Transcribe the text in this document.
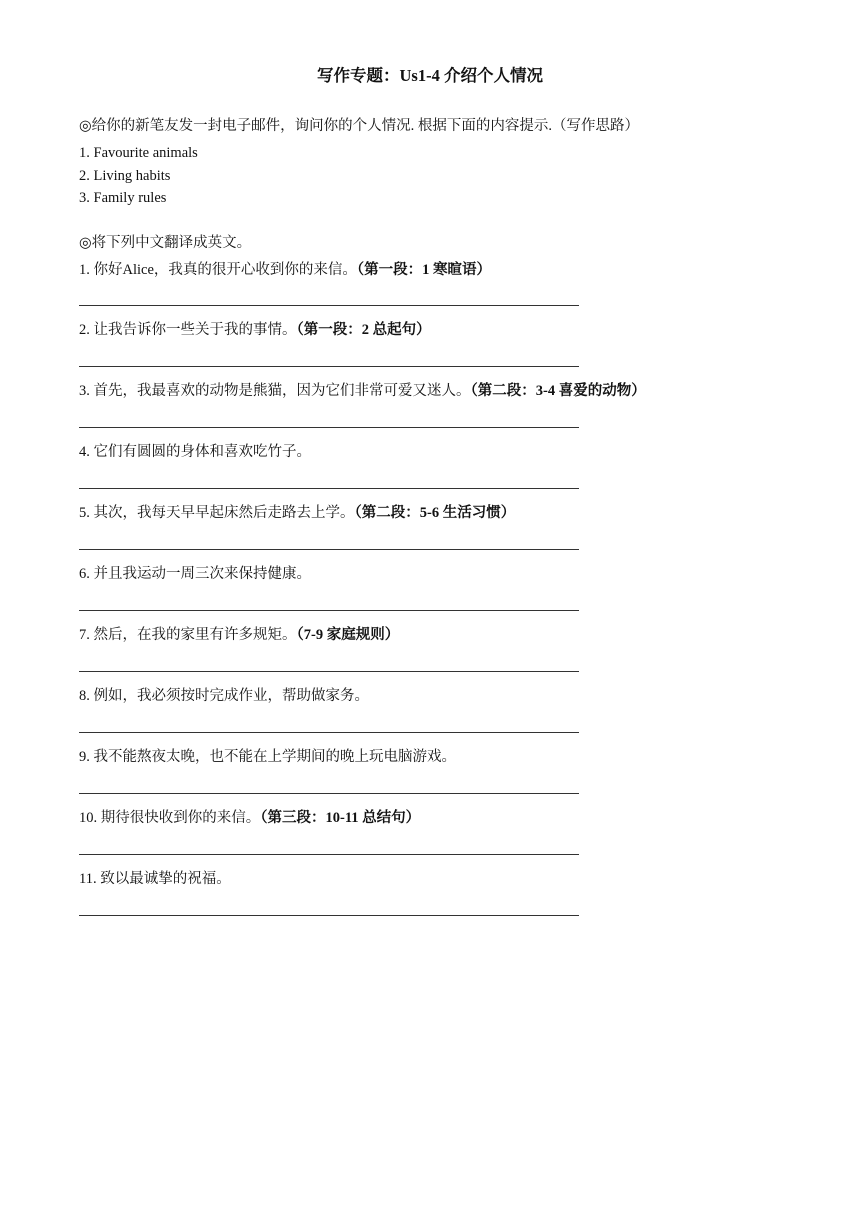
写作专题：Us1-4 介绍个人情况
◎给你的新笔友发一封电子邮件，询问你的个人情况. 根据下面的内容提示.（写作思路）
1. Favourite animals
2. Living habits
3. Family rules
◎将下列中文翻译成英文。
1. 你好Alice，我真的很开心收到你的来信。（第一段：1 寒暄语）
2. 让我告诉你一些关于我的事情。（第一段：2 总起句）
3. 首先，我最喜欢的动物是熊猫，因为它们非常可爱又迷人。（第二段：3-4 喜爱的动物）
4. 它们有圆圆的身体和喜欢吃竹子。
5. 其次，我每天早早起床然后走路去上学。（第二段：5-6 生活习惯）
6. 并且我运动一周三次来保持健康。
7. 然后，在我的家里有许多规矩。（7-9 家庭规则）
8. 例如，我必须按时完成作业，帮助做家务。
9. 我不能熬夜太晚，也不能在上学期间的晚上玩电脑游戏。
10. 期待很快收到你的来信。（第三段：10-11 总结句）
11. 致以最诚挚的祝福。
